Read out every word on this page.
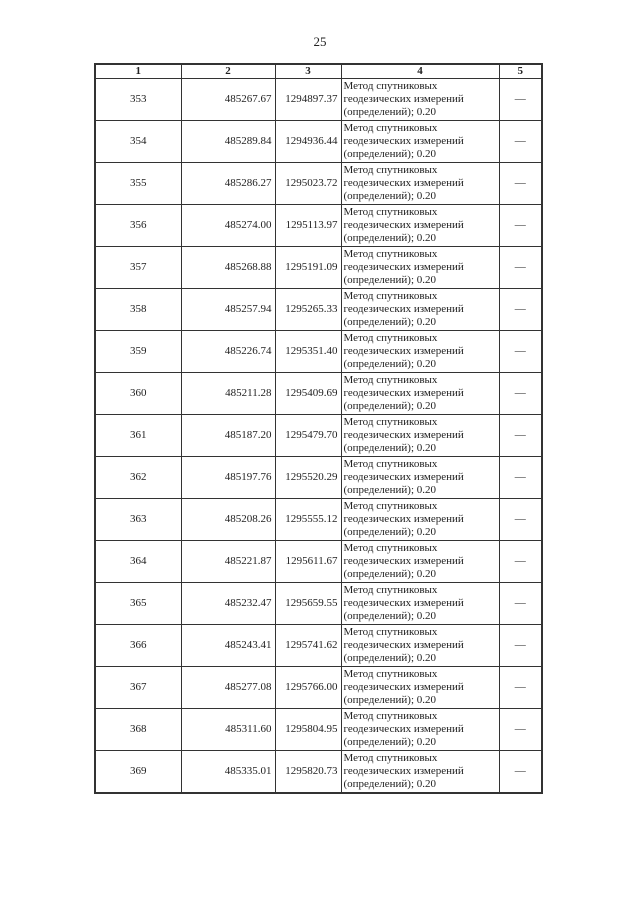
25
1	2	3	4	5
353	485267.67	1294897.37	Метод спутниковых
геодезических измерений
(определений); 0.20	—
354	485289.84	1294936.44	Метод спутниковых
геодезических измерений
(определений); 0.20	—
355	485286.27	1295023.72	Метод спутниковых
геодезических измерений
(определений); 0.20	—
356	485274.00	1295113.97	Метод спутниковых
геодезических измерений
(определений); 0.20	—
357	485268.88	1295191.09	Метод спутниковых
геодезических измерений
(определений); 0.20	—
358	485257.94	1295265.33	Метод спутниковых
геодезических измерений
(определений); 0.20	—
359	485226.74	1295351.40	Метод спутниковых
геодезических измерений
(определений); 0.20	—
360	485211.28	1295409.69	Метод спутниковых
геодезических измерений
(определений); 0.20	—
361	485187.20	1295479.70	Метод спутниковых
геодезических измерений
(определений); 0.20	—
362	485197.76	1295520.29	Метод спутниковых
геодезических измерений
(определений); 0.20	—
363	485208.26	1295555.12	Метод спутниковых
геодезических измерений
(определений); 0.20	—
364	485221.87	1295611.67	Метод спутниковых
геодезических измерений
(определений); 0.20	—
365	485232.47	1295659.55	Метод спутниковых
геодезических измерений
(определений); 0.20	—
366	485243.41	1295741.62	Метод спутниковых
геодезических измерений
(определений); 0.20	—
367	485277.08	1295766.00	Метод спутниковых
геодезических измерений
(определений); 0.20	—
368	485311.60	1295804.95	Метод спутниковых
геодезических измерений
(определений); 0.20	—
369	485335.01	1295820.73	Метод спутниковых
геодезических измерений
(определений); 0.20	—
